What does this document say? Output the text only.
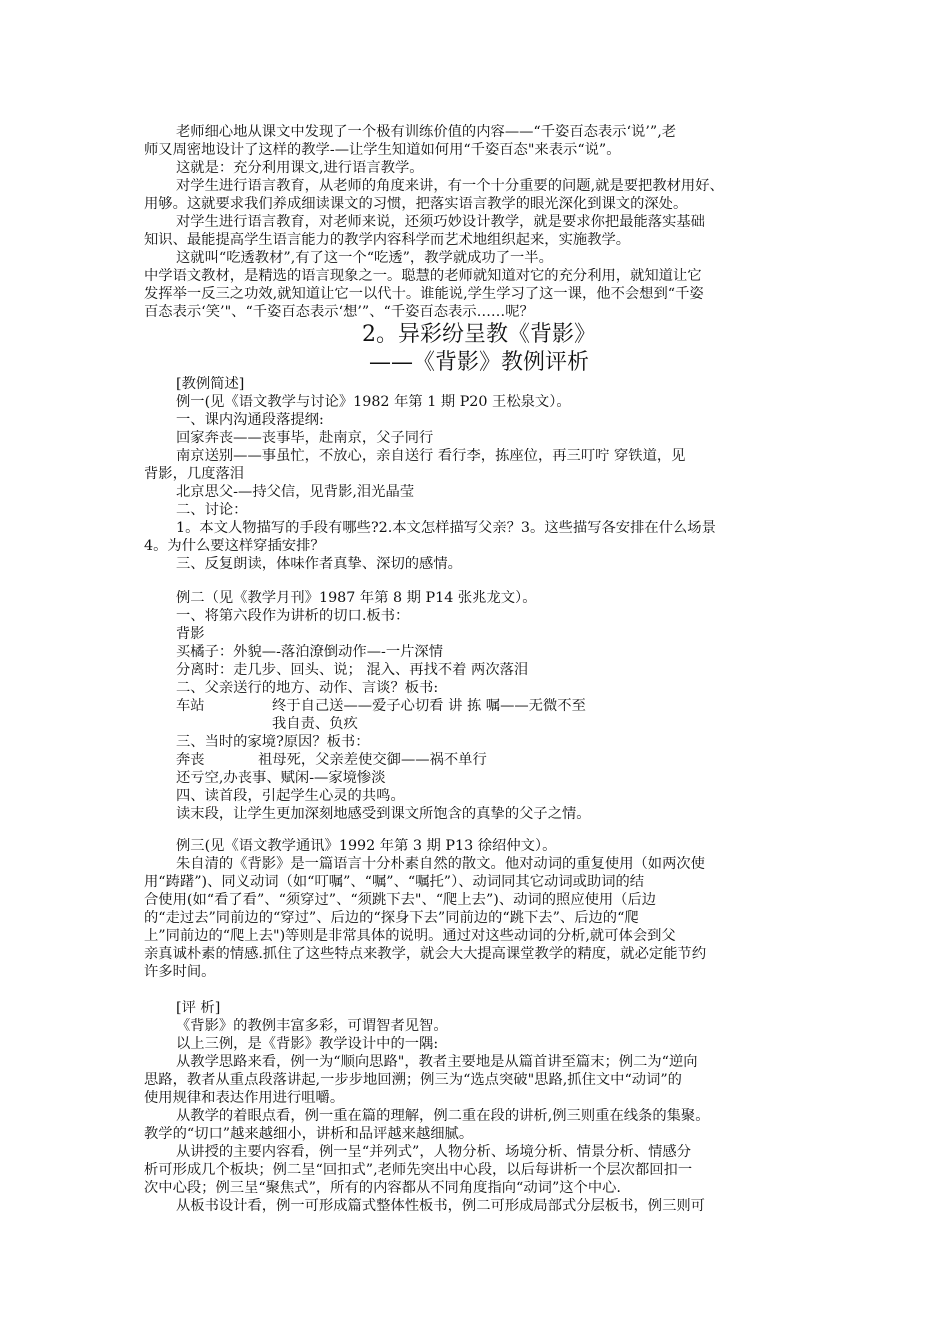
老师细心地从课文中发现了一个极有训练价值的内容——“千姿百态表示‘说’”,老
师又周密地设计了这样的教学-—让学生知道如何用“千姿百态"来表示“说”。
这就是：充分利用课文,进行语言教学。
对学生进行语言教育，从老师的角度来讲，有一个十分重要的问题,就是要把教材用好、
用够。这就要求我们养成细读课文的习惯，把落实语言教学的眼光深化到课文的深处。
对学生进行语言教育，对老师来说，还须巧妙设计教学，就是要求你把最能落实基础
知识、最能提高学生语言能力的教学内容科学而艺术地组织起来，实施教学。
这就叫“吃透教材”,有了这一个“吃透”，教学就成功了一半。
中学语文教材，是精选的语言现象之一。聪慧的老师就知道对它的充分利用，就知道让它
发挥举一反三之功效,就知道让它一以代十。谁能说,学生学习了这一课，他不会想到“千姿
百态表示‘笑’"、“千姿百态表示‘想’”、“千姿百态表示……呢？
2。异彩纷呈教《背影》
——《背影》教例评析
[教例简述]
例一(见《语文教学与讨论》1982 年第 1 期 P20 王松泉文）。
一、课内沟通段落提纲:
回家奔丧——丧事毕，赴南京，父子同行
南京送别——事虽忙，不放心，亲自送行 看行李，拣座位，再三叮咛 穿铁道，见
背影，几度落泪
北京思父-—持父信，见背影,泪光晶莹
二、讨论：
1。本文人物描写的手段有哪些?2.本文怎样描写父亲？3。这些描写各安排在什么场景
4。为什么要这样穿插安排？
三、反复朗读，体味作者真挚、深切的感情。
例二（见《教学月刊》1987 年第 8 期 P14 张兆龙文）。
一、将第六段作为讲析的切口.板书：
背影
买橘子：外貌—-落泊潦倒动作—-一片深情
分离时：走几步、回头、说； 混入、再找不着 两次落泪
二、父亲送行的地方、动作、言谈？板书:
车站	终于自己送——爱子心切看 讲 拣 嘱——无微不至
我自责、负疚
三、当时的家境?原因？板书：
奔丧	祖母死，父亲差使交御——祸不单行
还亏空,办丧事、赋闲-—家境惨淡
四、读首段，引起学生心灵的共鸣。
读末段，让学生更加深刻地感受到课文所饱含的真挚的父子之情。
例三(见《语文教学通讯》1992 年第 3 期 P13 徐绍仲文）。
朱自清的《背影》是一篇语言十分朴素自然的散文。他对动词的重复使用（如两次使
用“踌躇”)、同义动词（如“叮嘱”、“嘱”、“嘱托”）、动词同其它动词或助词的结
合使用(如“看了看”、“须穿过”、“须跳下去"、“爬上去”)、动词的照应使用（后边
的“走过去”同前边的“穿过”、后边的“探身下去”同前边的“跳下去”、后边的“爬
上”同前边的“爬上去")等则是非常具体的说明。通过对这些动词的分析,就可体会到父
亲真诚朴素的情感.抓住了这些特点来教学，就会大大提高课堂教学的精度，就必定能节约
许多时间。
[评 析]
《背影》的教例丰富多彩，可谓智者见智。
以上三例，是《背影》教学设计中的一隅:
从教学思路来看，例一为“顺向思路"，教者主要地是从篇首讲至篇末；例二为“逆向
思路，教者从重点段落讲起,一步步地回溯；例三为“选点突破"思路,抓住文中“动词”的
使用规律和表达作用进行咀嚼。
从教学的着眼点看，例一重在篇的理解，例二重在段的讲析,例三则重在线条的集聚。
教学的“切口”越来越细小，讲析和品评越来越细腻。
从讲授的主要内容看，例一呈“并列式”，人物分析、场境分析、情景分析、情感分
析可形成几个板块；例二呈“回扣式”,老师先突出中心段，以后每讲析一个层次都回扣一
次中心段；例三呈“聚焦式”，所有的内容都从不同角度指向“动词”这个中心.
从板书设计看，例一可形成篇式整体性板书，例二可形成局部式分层板书，例三则可
